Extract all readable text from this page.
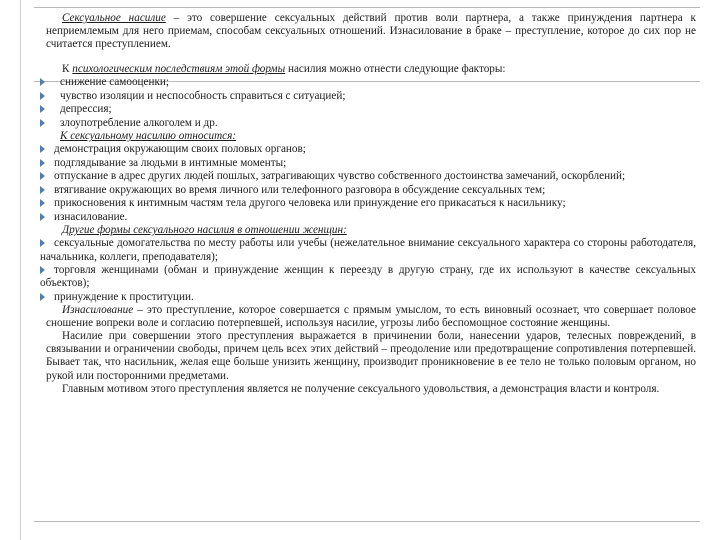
Сексуальное насилие – это совершение сексуальных действий против воли партнера, а также принуждения партнера к неприемлемым для него приемам, способам сексуальных отношений. Изнасилование в браке – преступление, которое до сих пор не считается преступлением.

К психологическим последствиям этой формы насилия можно отнести следующие факторы:

снижение самооценки;

чувство изоляции и неспособность справиться с ситуацией;

депрессия;

злоупотребление алкоголем и др.

К сексуальному насилию относится:

демонстрация окружающим своих половых органов;

подглядывание за людьми в интимные моменты;

отпускание в адрес других людей пошлых, затрагивающих чувство собственного достоинства замечаний, оскорблений;

втягивание окружающих во время личного или телефонного разговора в обсуждение сексуальных тем;

прикосновения к интимным частям тела другого человека или принуждение его прикасаться к насильнику;

изнасилование.

Другие формы сексуального насилия в отношении женщин:

сексуальные домогательства по месту работы или учебы (нежелательное внимание сексуального характера со стороны работодателя, начальника, коллеги, преподавателя);

торговля женщинами (обман и принуждение женщин к переезду в другую страну, где их используют в качестве сексуальных объектов);

принуждение к проституции.

Изнасилование – это преступление, которое совершается с прямым умыслом, то есть виновный осознает, что совершает половое сношение вопреки воле и согласию потерпевшей, используя насилие, угрозы либо беспомощное состояние женщины.

Насилие при совершении этого преступления выражается в причинении боли, нанесении ударов, телесных повреждений, в связывании и ограничении свободы, причем цель всех этих действий – преодоление или предотвращение сопротивления потерпевшей. Бывает так, что насильник, желая еще больше унизить женщину, производит проникновение в ее тело не только половым органом, но рукой или посторонними предметами.

Главным мотивом этого преступления является не получение сексуального удовольствия, а демонстрация власти и контроля.
